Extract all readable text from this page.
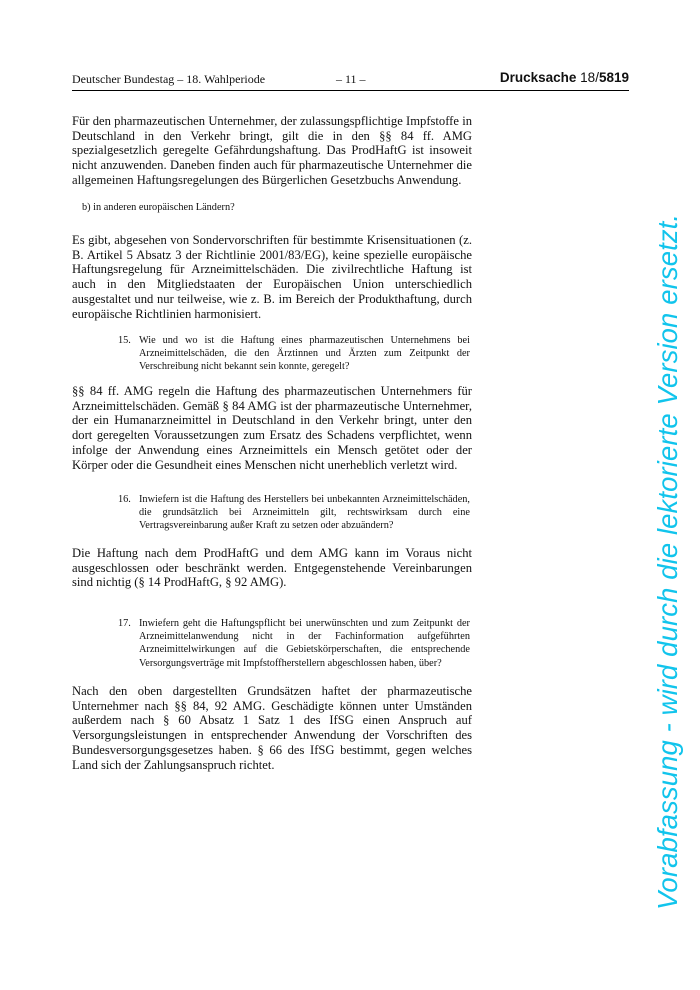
Deutscher Bundestag – 18. Wahlperiode	– 11 –	Drucksache 18/5819
Für den pharmazeutischen Unternehmer, der zulassungspflichtige Impfstoffe in Deutschland in den Verkehr bringt, gilt die in den §§ 84 ff. AMG spezialgesetzlich geregelte Gefährdungshaftung. Das ProdHaftG ist insoweit nicht anzuwenden. Daneben finden auch für pharmazeutische Unternehmer die allgemeinen Haftungsregelungen des Bürgerlichen Gesetzbuchs Anwendung.
b) in anderen europäischen Ländern?
Es gibt, abgesehen von Sondervorschriften für bestimmte Krisensituationen (z. B. Artikel 5 Absatz 3 der Richtlinie 2001/83/EG), keine spezielle europäische Haftungsregelung für Arzneimittelschäden. Die zivilrechtliche Haftung ist auch in den Mitgliedstaaten der Europäischen Union unterschiedlich ausgestaltet und nur teilweise, wie z. B. im Bereich der Produkthaftung, durch europäische Richtlinien harmonisiert.
15. Wie und wo ist die Haftung eines pharmazeutischen Unternehmens bei Arzneimittelschäden, die den Ärztinnen und Ärzten zum Zeitpunkt der Verschreibung nicht bekannt sein konnte, geregelt?
§§ 84 ff. AMG regeln die Haftung des pharmazeutischen Unternehmers für Arzneimittelschäden. Gemäß § 84 AMG ist der pharmazeutische Unternehmer, der ein Humanarzneimittel in Deutschland in den Verkehr bringt, unter den dort geregelten Voraussetzungen zum Ersatz des Schadens verpflichtet, wenn infolge der Anwendung eines Arzneimittels ein Mensch getötet oder der Körper oder die Gesundheit eines Menschen nicht unerheblich verletzt wird.
16. Inwiefern ist die Haftung des Herstellers bei unbekannten Arzneimittelschäden, die grundsätzlich bei Arzneimitteln gilt, rechtswirksam durch eine Vertragsvereinbarung außer Kraft zu setzen oder abzuändern?
Die Haftung nach dem ProdHaftG und dem AMG kann im Voraus nicht ausgeschlossen oder beschränkt werden. Entgegenstehende Vereinbarungen sind nichtig (§ 14 ProdHaftG, § 92 AMG).
17. Inwiefern geht die Haftungspflicht bei unerwünschten und zum Zeitpunkt der Arzneimittelanwendung nicht in der Fachinformation aufgeführten Arzneimittelwirkungen auf die Gebietskörperschaften, die entsprechende Versorgungsverträge mit Impfstoffherstellern abgeschlossen haben, über?
Nach den oben dargestellten Grundsätzen haftet der pharmazeutische Unternehmer nach §§ 84, 92 AMG. Geschädigte können unter Umständen außerdem nach § 60 Absatz 1 Satz 1 des IfSG einen Anspruch auf Versorgungsleistungen in entsprechender Anwendung der Vorschriften des Bundesversorgungsgesetzes haben. § 66 des IfSG bestimmt, gegen welches Land sich der Zahlungsanspruch richtet.	Vorabfassung - wird durch die lektorierte Version ersetzt.
